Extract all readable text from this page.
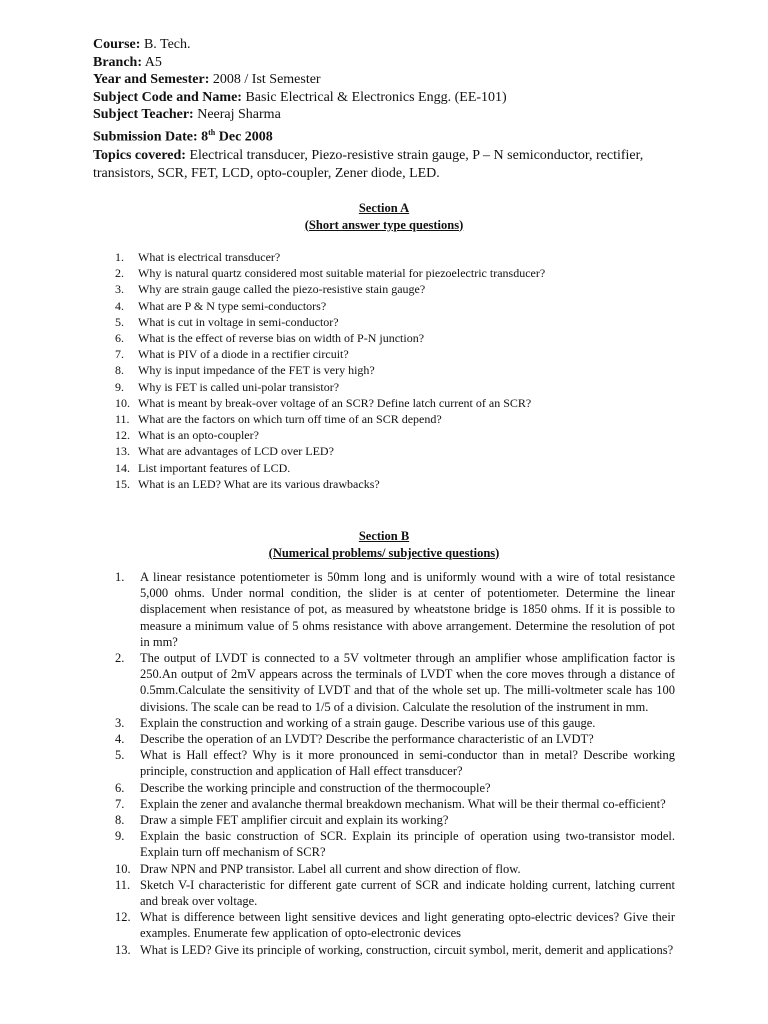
Course: B. Tech.
Branch: A5
Year and Semester: 2008 / Ist Semester
Subject Code and Name: Basic Electrical & Electronics Engg. (EE-101)
Subject Teacher: Neeraj Sharma
Submission Date: 8th Dec 2008
Topics covered: Electrical transducer, Piezo-resistive strain gauge, P – N semiconductor, rectifier, transistors, SCR, FET, LCD, opto-coupler, Zener diode, LED.
Section A
(Short answer type questions)
1.	What is electrical transducer?
2.	Why is natural quartz considered most suitable material for piezoelectric transducer?
3.	Why are strain gauge called the piezo-resistive stain gauge?
4.	What are P & N type semi-conductors?
5.	What is cut in voltage in semi-conductor?
6.	What is the effect of reverse bias on width of P-N junction?
7.	What is PIV of a diode in a rectifier circuit?
8.	Why is input impedance of the FET is very high?
9.	Why is FET is called uni-polar transistor?
10. What is meant by break-over voltage of an SCR? Define latch current of an SCR?
11. What are the factors on which turn off time of an SCR depend?
12. What is an opto-coupler?
13. What are advantages of LCD over LED?
14. List important features of LCD.
15. What is an LED? What are its various drawbacks?
Section B
(Numerical problems/ subjective questions)
1.	A linear resistance potentiometer is 50mm long and is uniformly wound with a wire of total resistance 5,000 ohms. Under normal condition, the slider is at center of potentiometer. Determine the linear displacement when resistance of pot, as measured by wheatstone bridge is 1850 ohms. If it is possible to measure a minimum value of 5 ohms resistance with above arrangement. Determine the resolution of pot in mm?
2.	The output of LVDT is connected to a 5V voltmeter through an amplifier whose amplification factor is 250.An output of 2mV appears across the terminals of LVDT when the core moves through a distance of 0.5mm.Calculate the sensitivity of LVDT and that of the whole set up. The milli-voltmeter scale has 100 divisions. The scale can be read to 1/5 of a division. Calculate the resolution of the instrument in mm.
3.	Explain the construction and working of a strain gauge. Describe various use of this gauge.
4.	Describe the operation of an LVDT? Describe the performance characteristic of an LVDT?
5.	What is Hall effect? Why is it more pronounced in semi-conductor than in metal? Describe working principle, construction and application of Hall effect transducer?
6.	Describe the working principle and construction of the thermocouple?
7.	Explain the zener and avalanche thermal breakdown mechanism. What will be their thermal co-efficient?
8.	Draw a simple FET amplifier circuit and explain its working?
9.	Explain the basic construction of SCR. Explain its principle of operation using two-transistor model. Explain turn off mechanism of SCR?
10. Draw NPN and PNP transistor. Label all current and show direction of flow.
11. Sketch V-I characteristic for different gate current of SCR and indicate holding current, latching current and break over voltage.
12. What is difference between light sensitive devices and light generating opto-electric devices? Give their examples. Enumerate few application of opto-electronic devices
13. What is LED? Give its principle of working, construction, circuit symbol, merit, demerit and applications?
